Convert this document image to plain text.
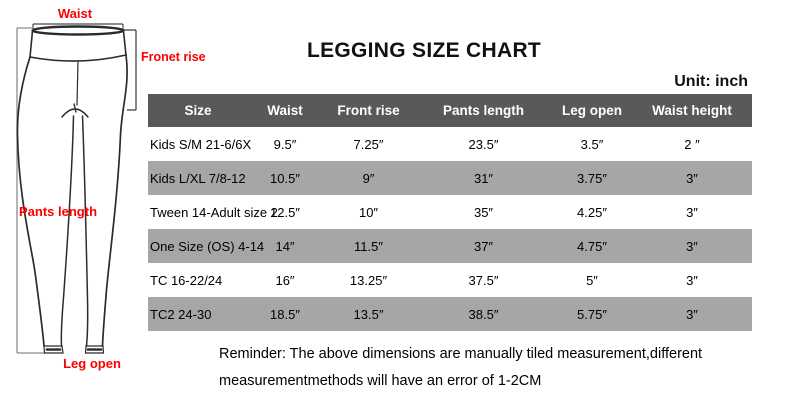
Waist
Fronet rise
Pants length
Leg open
LEGGING SIZE CHART
Unit: inch
Size	Waist	Front rise	Pants length	Leg open	Waist height
Kids S/M 21-6/6X	9.5″	7.25″	23.5″	3.5″	2 ″
Kids L/XL 7/8-12	10.5″	9″	31″	3.75″	3″
Tween 14-Adult size 2	12.5″	10″	35″	4.25″	3″
One Size (OS) 4-14	14″	11.5″	37″	4.75″	3″
TC 16-22/24	16″	13.25″	37.5″	5″	3″
TC2 24-30	18.5″	13.5″	38.5″	5.75″	3″
Reminder: The above dimensions are manually tiled measurement,different
measurementmethods will have an error of 1-2CM
